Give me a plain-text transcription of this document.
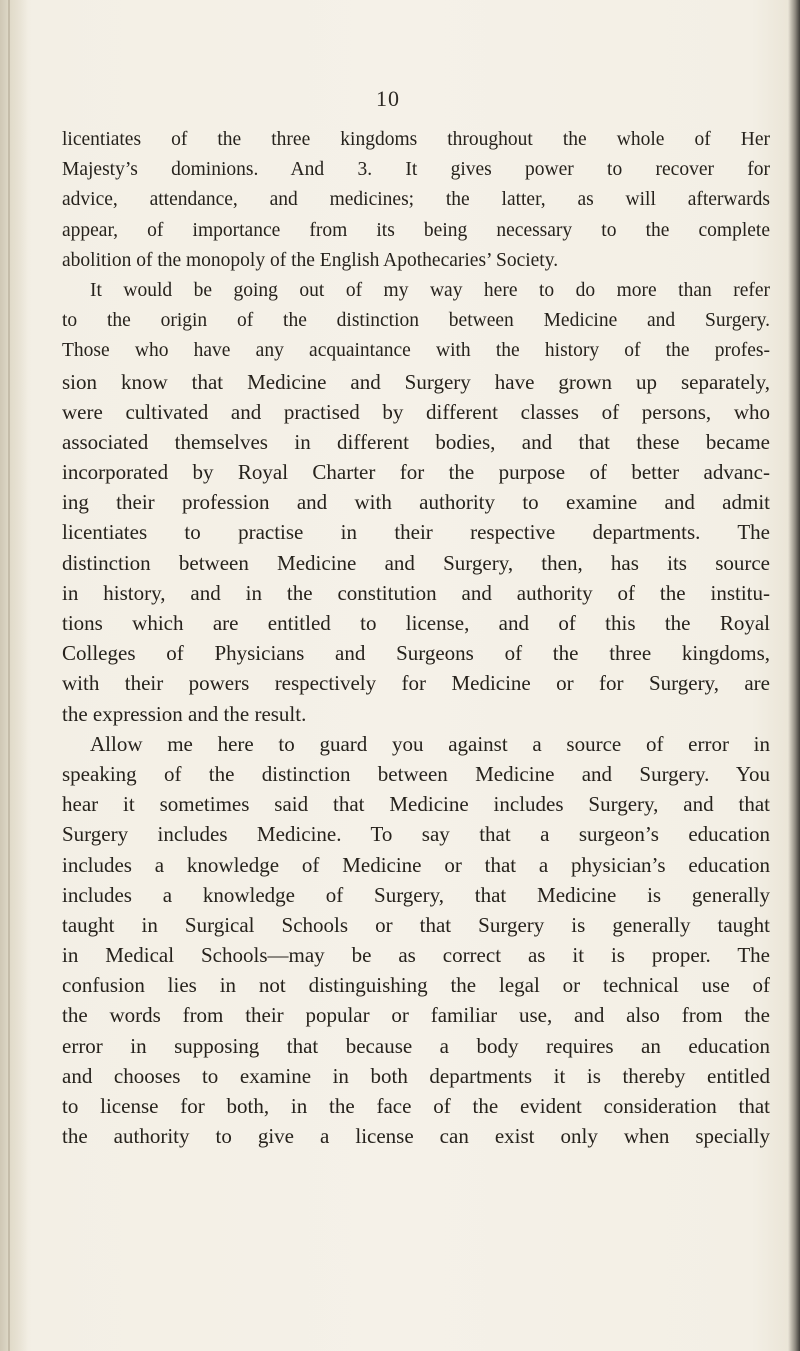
10
licentiates of the three kingdoms throughout the whole of Her
Majesty’s dominions. And 3. It gives power to recover for
advice, attendance, and medicines; the latter, as will afterwards
appear, of importance from its being necessary to the complete
abolition of the monopoly of the English Apothecaries’ Society.
It would be going out of my way here to do more than refer
to the origin of the distinction between Medicine and Surgery.
Those who have any acquaintance with the history of the profes-
sion know that Medicine and Surgery have grown up separately,
were cultivated and practised by different classes of persons, who
associated themselves in different bodies, and that these became
incorporated by Royal Charter for the purpose of better advanc-
ing their profession and with authority to examine and admit
licentiates to practise in their respective departments. The
distinction between Medicine and Surgery, then, has its source
in history, and in the constitution and authority of the institu-
tions which are entitled to license, and of this the Royal
Colleges of Physicians and Surgeons of the three kingdoms,
with their powers respectively for Medicine or for Surgery, are
the expression and the result.
Allow me here to guard you against a source of error in
speaking of the distinction between Medicine and Surgery. You
hear it sometimes said that Medicine includes Surgery, and that
Surgery includes Medicine. To say that a surgeon’s education
includes a knowledge of Medicine or that a physician’s education
includes a knowledge of Surgery, that Medicine is generally
taught in Surgical Schools or that Surgery is generally taught
in Medical Schools—may be as correct as it is proper. The
confusion lies in not distinguishing the legal or technical use of
the words from their popular or familiar use, and also from the
error in supposing that because a body requires an education
and chooses to examine in both departments it is thereby entitled
to license for both, in the face of the evident consideration that
the authority to give a license can exist only when specially
